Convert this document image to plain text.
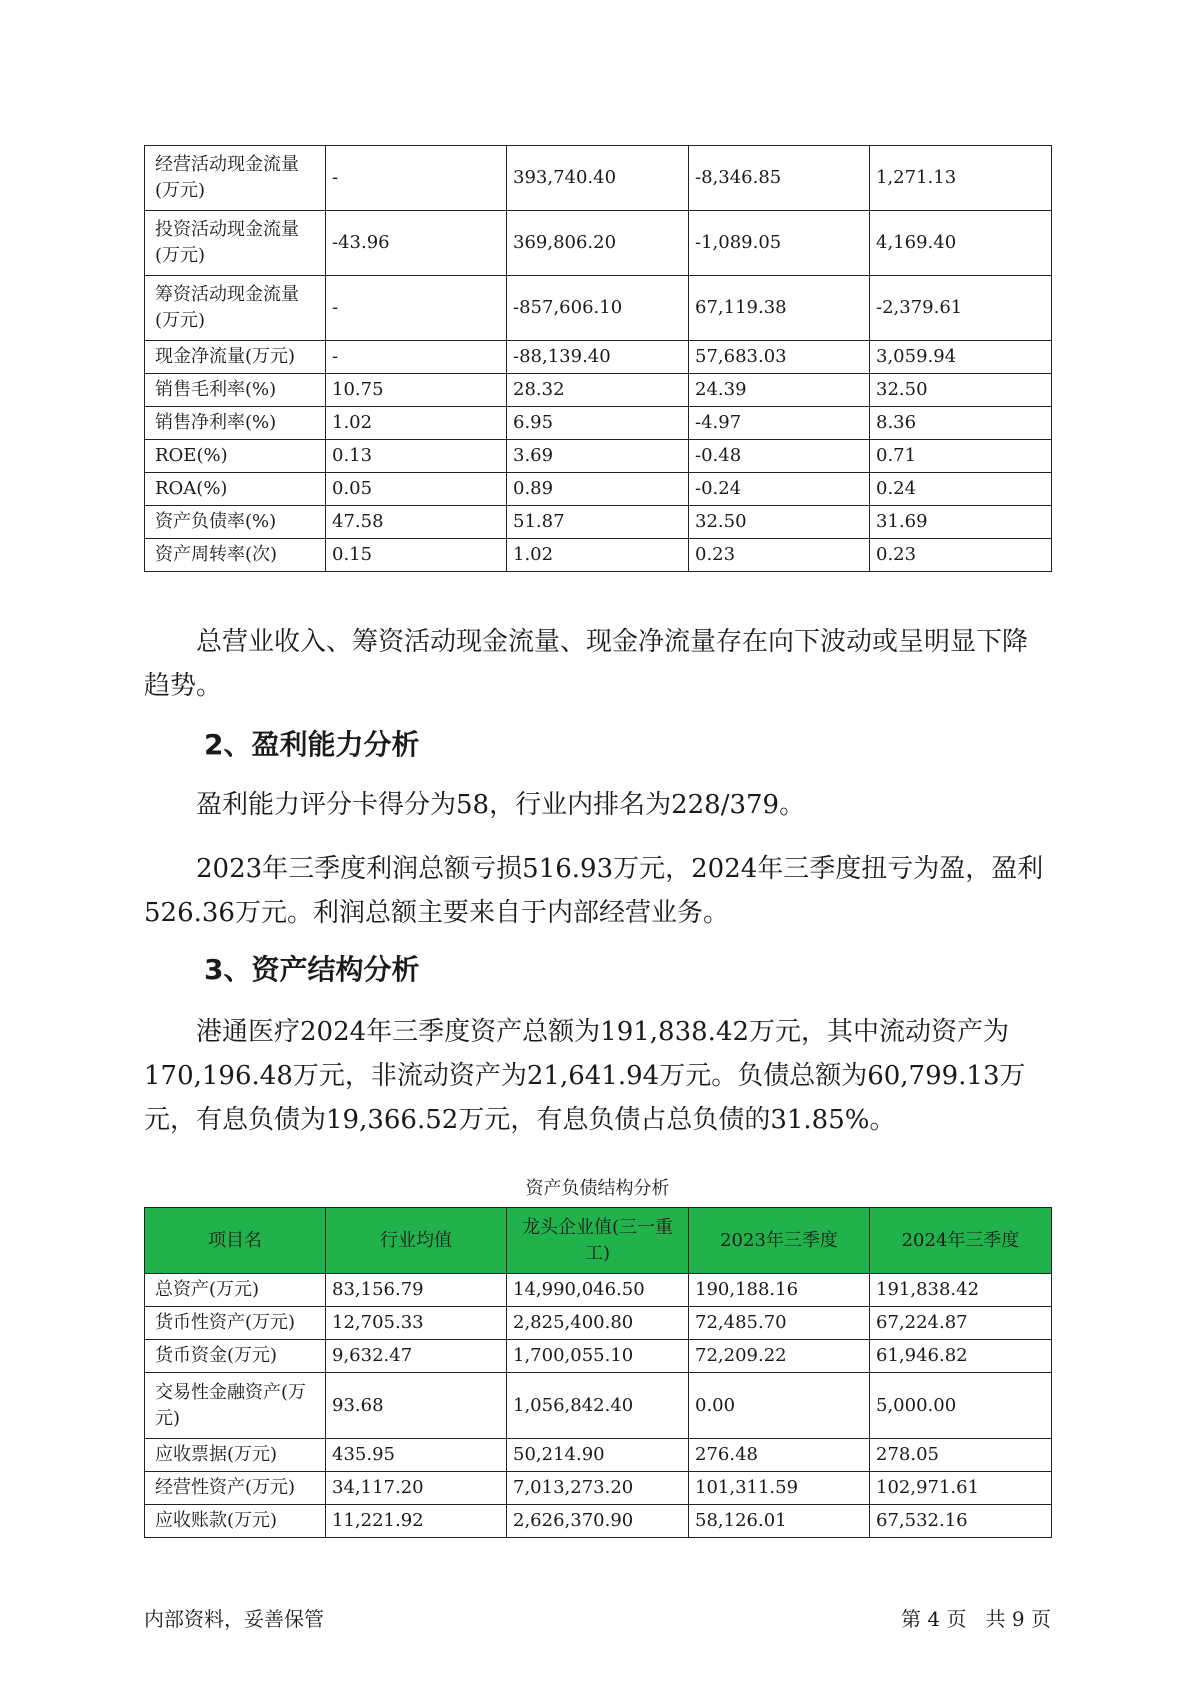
经营活动现金流量(万元)	-	393,740.40	-8,346.85	1,271.13
投资活动现金流量(万元)	-43.96	369,806.20	-1,089.05	4,169.40
筹资活动现金流量(万元)	-	-857,606.10	67,119.38	-2,379.61
现金净流量(万元)	-	-88,139.40	57,683.03	3,059.94
销售毛利率(%)	10.75	28.32	24.39	32.50
销售净利率(%)	1.02	6.95	-4.97	8.36
ROE(%)	0.13	3.69	-0.48	0.71
ROA(%)	0.05	0.89	-0.24	0.24
资产负债率(%)	47.58	51.87	32.50	31.69
资产周转率(次)	0.15	1.02	0.23	0.23

总营业收入、筹资活动现金流量、现金净流量存在向下波动或呈明显下降趋势。

2、盈利能力分析

盈利能力评分卡得分为58，行业内排名为228/379。

2023年三季度利润总额亏损516.93万元，2024年三季度扭亏为盈，盈利526.36万元。利润总额主要来自于内部经营业务。

3、资产结构分析

港通医疗2024年三季度资产总额为191,838.42万元，其中流动资产为170,196.48万元，非流动资产为21,641.94万元。负债总额为60,799.13万元，有息负债为19,366.52万元，有息负债占总负债的31.85%。

资产负债结构分析
项目名	行业均值	龙头企业值(三一重工)	2023年三季度	2024年三季度
总资产(万元)	83,156.79	14,990,046.50	190,188.16	191,838.42
货币性资产(万元)	12,705.33	2,825,400.80	72,485.70	67,224.87
货币资金(万元)	9,632.47	1,700,055.10	72,209.22	61,946.82
交易性金融资产(万元)	93.68	1,056,842.40	0.00	5,000.00
应收票据(万元)	435.95	50,214.90	276.48	278.05
经营性资产(万元)	34,117.20	7,013,273.20	101,311.59	102,971.61
应收账款(万元)	11,221.92	2,626,370.90	58,126.01	67,532.16
内部资料，妥善保管	第 4 页   共 9 页
